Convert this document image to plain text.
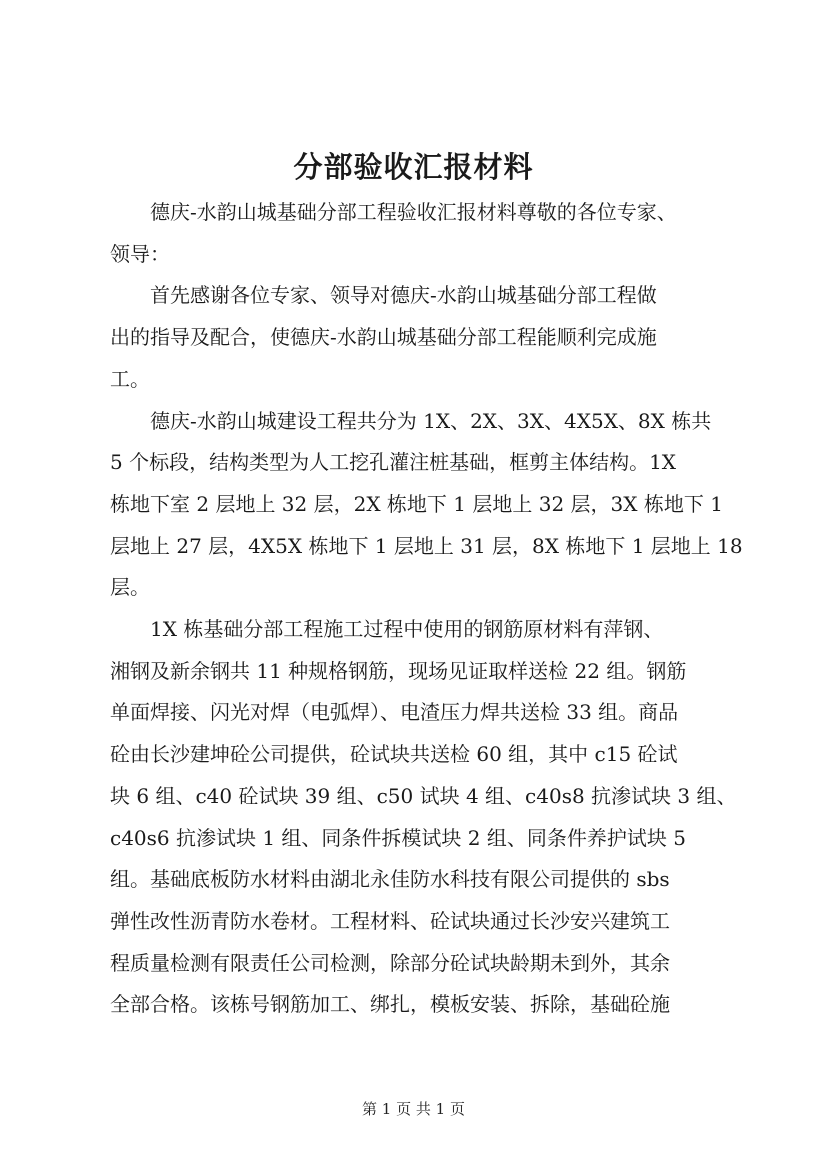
分部验收汇报材料

德庆-水韵山城基础分部工程验收汇报材料尊敬的各位专家、
领导：

首先感谢各位专家、领导对德庆-水韵山城基础分部工程做
出的指导及配合，使德庆-水韵山城基础分部工程能顺利完成施
工。

德庆-水韵山城建设工程共分为 1X、2X、3X、4X5X、8X 栋共
5 个标段，结构类型为人工挖孔灌注桩基础，框剪主体结构。1X
栋地下室 2 层地上 32 层，2X 栋地下 1 层地上 32 层，3X 栋地下 1
层地上 27 层，4X5X 栋地下 1 层地上 31 层，8X 栋地下 1 层地上 18
层。

1X 栋基础分部工程施工过程中使用的钢筋原材料有萍钢、
湘钢及新余钢共 11 种规格钢筋，现场见证取样送检 22 组。钢筋
单面焊接、闪光对焊（电弧焊）、电渣压力焊共送检 33 组。商品
砼由长沙建坤砼公司提供，砼试块共送检 60 组，其中 c15 砼试
块 6 组、c40 砼试块 39 组、c50 试块 4 组、c40s8 抗渗试块 3 组、
c40s6 抗渗试块 1 组、同条件拆模试块 2 组、同条件养护试块 5
组。基础底板防水材料由湖北永佳防水科技有限公司提供的 sbs
弹性改性沥青防水卷材。工程材料、砼试块通过长沙安兴建筑工
程质量检测有限责任公司检测，除部分砼试块龄期未到外，其余
全部合格。该栋号钢筋加工、绑扎，模板安装、拆除，基础砼施

第 1 页 共 1 页
